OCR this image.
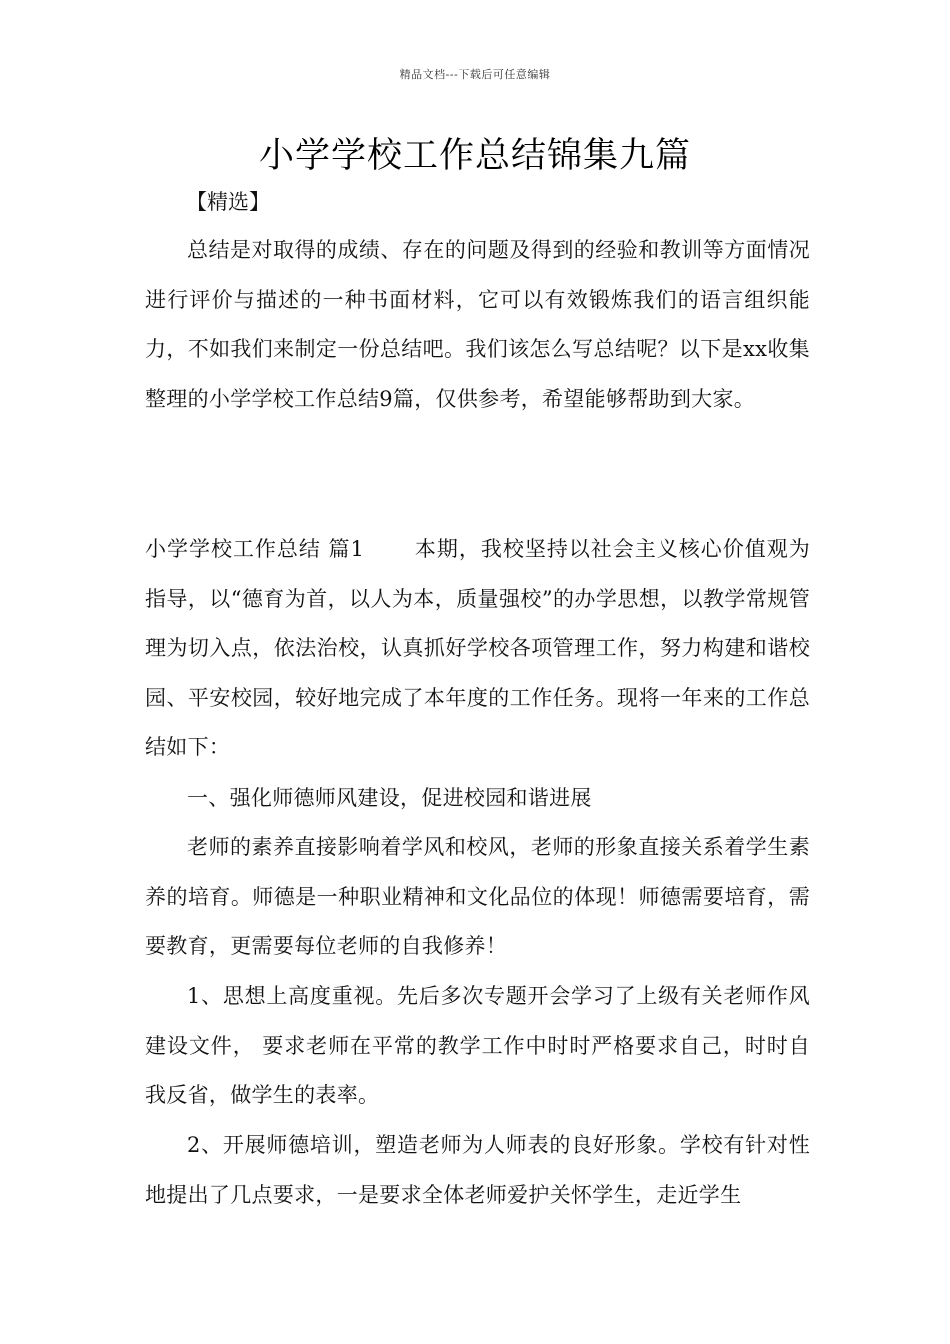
精品文档---下载后可任意编辑
小学学校工作总结锦集九篇
【精选】

总结是对取得的成绩、存在的问题及得到的经验和教训等方面情况进行评价与描述的一种书面材料，它可以有效锻炼我们的语言组织能力，不如我们来制定一份总结吧。我们该怎么写总结呢？以下是xx收集整理的小学学校工作总结9篇，仅供参考，希望能够帮助到大家。

小学学校工作总结 篇1 本期，我校坚持以社会主义核心价值观为指导，以“德育为首，以人为本，质量强校”的办学思想，以教学常规管理为切入点，依法治校，认真抓好学校各项管理工作，努力构建和谐校园、平安校园，较好地完成了本年度的工作任务。现将一年来的工作总结如下：

一、强化师德师风建设，促进校园和谐进展

老师的素养直接影响着学风和校风，老师的形象直接关系着学生素养的培育。师德是一种职业精神和文化品位的体现！师德需要培育，需要教育，更需要每位老师的自我修养！

1、思想上高度重视。先后多次专题开会学习了上级有关老师作风建设文件， 要求老师在平常的教学工作中时时严格要求自己，时时自我反省，做学生的表率。

2、开展师德培训，塑造老师为人师表的良好形象。学校有针对性地提出了几点要求，一是要求全体老师爱护关怀学生，走近学生
